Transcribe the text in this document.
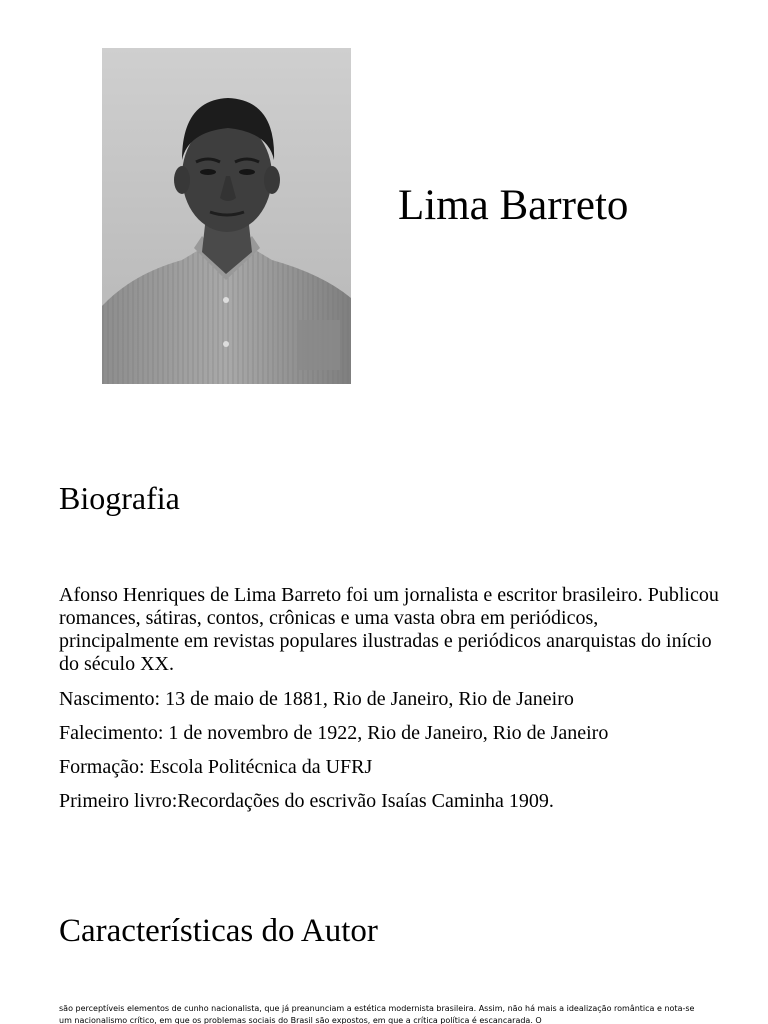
Lima Barreto
Biografia

Afonso Henriques de Lima Barreto foi um jornalista e escritor brasileiro. Publicou romances, sátiras, contos, crônicas e uma vasta obra em periódicos, principalmente em revistas populares ilustradas e periódicos anarquistas do início do século XX.

Nascimento: 13 de maio de 1881, Rio de Janeiro, Rio de Janeiro

Falecimento: 1 de novembro de 1922, Rio de Janeiro, Rio de Janeiro

Formação: Escola Politécnica da UFRJ

Primeiro livro:Recordações do escrivão Isaías Caminha 1909.

Características do Autor

são perceptíveis elementos de cunho nacionalista, que já preanunciam a estética modernista brasileira. Assim, não há mais a idealização romântica e nota-se um nacionalismo crítico, em que os problemas sociais do Brasil são expostos, em que a crítica política é escancarada. O
